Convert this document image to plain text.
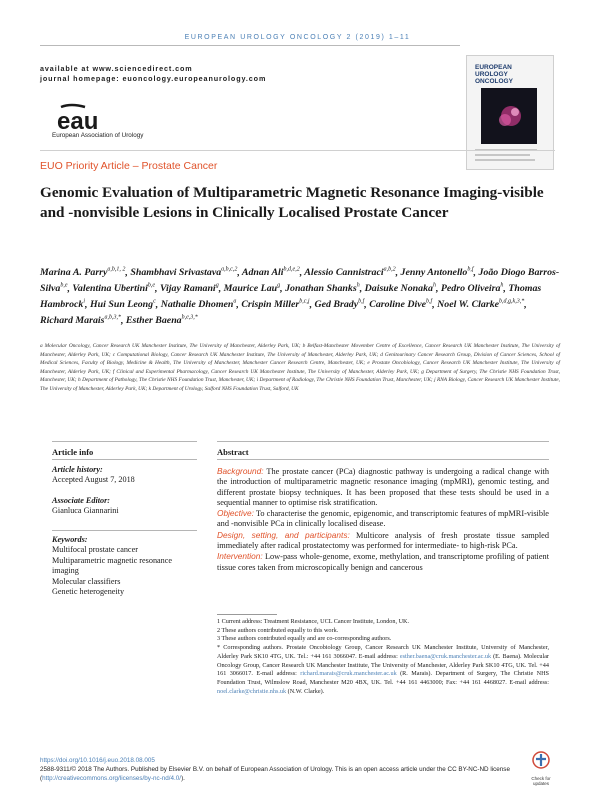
EUROPEAN UROLOGY ONCOLOGY 2 (2019) 1–11
available at www.sciencedirect.com
journal homepage: euoncology.europeanurology.com
EUROPEAN UROLOGY ONCOLOGY
eau
European Association of Urology
EUO Priority Article – Prostate Cancer
Genomic Evaluation of Multiparametric Magnetic Resonance Imaging-visible and -nonvisible Lesions in Clinically Localised Prostate Cancer
Marina A. Parry$^{a,b,1, 2}$, Shambhavi Srivastava$^{a,b,c,2}$, Adnan Ali$^{b,d,e,2}$, Alessio Cannistraci$^{a,b,2}$, Jenny Antonello$^{b,f}$, João Diogo Barros-Silva$^{b,e}$, Valentina Ubertini$^{b,e}$, Vijay Ramani$^g$, Maurice Lau$^g$, Jonathan Shanks$^h$, Daisuke Nonaka$^h$, Pedro Oliveira$^h$, Thomas Hambrock$^i$, Hui Sun Leong$^c$, Nathalie Dhomen$^a$, Crispin Miller$^{b,c,j}$, Ged Brady$^{b,f}$, Caroline Dive$^{b,f}$, Noel W. Clarke$^{b,d,g,k,3,*}$, Richard Marais$^{a,b,3,*}$, Esther Baena$^{b,e,3,*}$
a Molecular Oncology, Cancer Research UK Manchester Institute, The University of Manchester, Alderley Park, UK; b Belfast-Manchester Movember Centre of Excellence, Cancer Research UK Manchester Institute, The University of Manchester, Alderley Park, UK; c Computational Biology, Cancer Research UK Manchester Institute, The University of Manchester, Alderley Park, UK; d Genitourinary Cancer Research Group, Division of Cancer Sciences, School of Medical Sciences, Faculty of Biology, Medicine & Health, The University of Manchester, Manchester Cancer Research Centre, Manchester, UK; e Prostate Oncobiology, Cancer Research UK Manchester Institute, The University of Manchester, Alderley Park, UK; f Clinical and Experimental Pharmacology, Cancer Research UK Manchester Institute, The University of Manchester, Alderley Park, UK; g Department of Surgery, The Christie NHS Foundation Trust, Manchester, UK; h Department of Pathology, The Christie NHS Foundation Trust, Manchester, UK; i Department of Radiology, The Christie NHS Foundation Trust, Manchester, UK; j RNA Biology, Cancer Research UK Manchester Institute, The University of Manchester, Alderley Park, UK; k Department of Urology, Salford NHS Foundation Trust, Salford, UK
Article info
Article history:
Accepted August 7, 2018
Associate Editor:
Gianluca Giannarini
Keywords:
Multifocal prostate cancer
Multiparametric magnetic resonance imaging
Molecular classifiers
Genetic heterogeneity
Abstract
Background: The prostate cancer (PCa) diagnostic pathway is undergoing a radical change with the introduction of multiparametric magnetic resonance imaging (mpMRI), genomic testing, and different prostate biopsy techniques. It has been proposed that these tests should be used in a sequential manner to optimise risk stratification.
Objective: To characterise the genomic, epigenomic, and transcriptomic features of mpMRI-visible and -nonvisible PCa in clinically localised disease.
Design, setting, and participants: Multicore analysis of fresh prostate tissue sampled immediately after radical prostatectomy was performed for intermediate- to high-risk PCa.
Intervention: Low-pass whole-genome, exome, methylation, and transcriptome profiling of patient tissue cores taken from microscopically benign and cancerous
1 Current address: Treatment Resistance, UCL Cancer Institute, London, UK.
2 These authors contributed equally to this work.
3 These authors contributed equally and are co-corresponding authors.
* Corresponding authors. Prostate Oncobiology Group, Cancer Research UK Manchester Institute, University of Manchester, Alderley Park SK10 4TG, UK. Tel.: +44 161 3066047. E-mail address: esther.baena@cruk.manchester.ac.uk (E. Baena). Molecular Oncology Group, Cancer Research UK Manchester Institute, The University of Manchester, Alderley Park SK10 4TG, UK. Tel. +44 161 3066017. E-mail address: richard.marais@cruk.manchester.ac.uk (R. Marais). Department of Surgery, The Christie NHS Foundation Trust, Wilmslow Road, Manchester M20 4BX, UK. Tel. +44 161 4463000; Fax: +44 161 4468027. E-mail address: noel.clarke@christie.nhs.uk (N.W. Clarke).
https://doi.org/10.1016/j.euo.2018.08.005
2588-9311/© 2018 The Authors. Published by Elsevier B.V. on behalf of European Association of Urology. This is an open access article under the CC BY-NC-ND license (http://creativecommons.org/licenses/by-nc-nd/4.0/).	Check for updates
